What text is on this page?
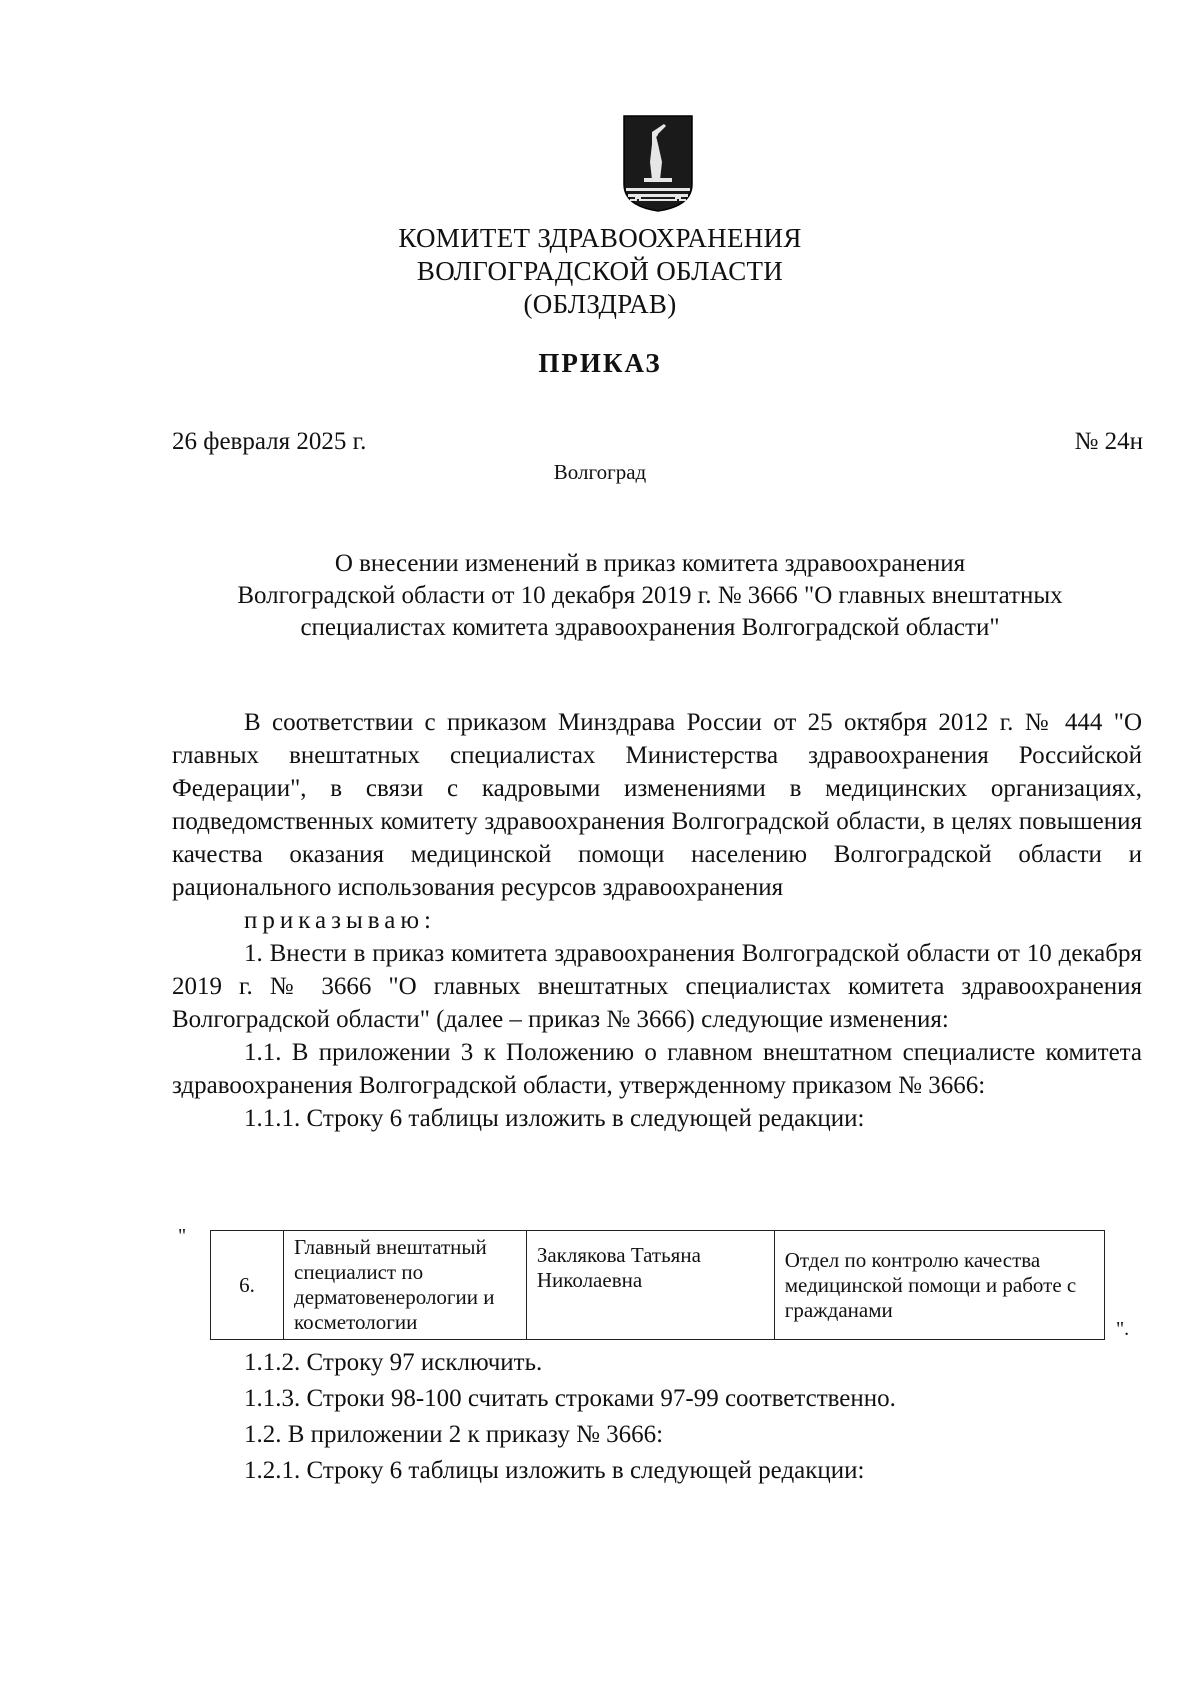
КОМИТЕТ ЗДРАВООХРАНЕНИЯ
ВОЛГОГРАДСКОЙ ОБЛАСТИ
(ОБЛЗДРАВ)
ПРИКАЗ
26 февраля 2025 г.	№ 24н
Волгоград
О внесении изменений в приказ комитета здравоохранения
Волгоградской области от 10 декабря 2019 г. № 3666 "О главных внештатных
специалистах комитета здравоохранения Волгоградской области"

В соответствии с приказом Минздрава России от 25 октября 2012 г. № 444 "О главных внештатных специалистах Министерства здравоохранения Российской Федерации", в связи с кадровыми изменениями в медицинских организациях, подведомственных комитету здравоохранения Волгоградской области, в целях повышения качества оказания медицинской помощи населению Волгоградской области и рационального использования ресурсов здравоохранения

приказываю:

1. Внести в приказ комитета здравоохранения Волгоградской области от 10 декабря 2019 г. № 3666 "О главных внештатных специалистах комитета здравоохранения Волгоградской области" (далее – приказ № 3666) следующие изменения:

1.1. В приложении 3 к Положению о главном внештатном специалисте комитета здравоохранения Волгоградской области, утвержденному приказом № 3666:

1.1.1. Строку 6 таблицы изложить в следующей редакции:

"
6.	Главный внештатный специалист по дерматовенерологии и косметологии	Заклякова Татьяна Николаевна	Отдел по контролю качества медицинской помощи и работе с гражданами
".

1.1.2. Строку 97 исключить.

1.1.3. Строки 98-100 считать строками 97-99 соответственно.

1.2. В приложении 2 к приказу № 3666:

1.2.1. Строку 6 таблицы изложить в следующей редакции:
